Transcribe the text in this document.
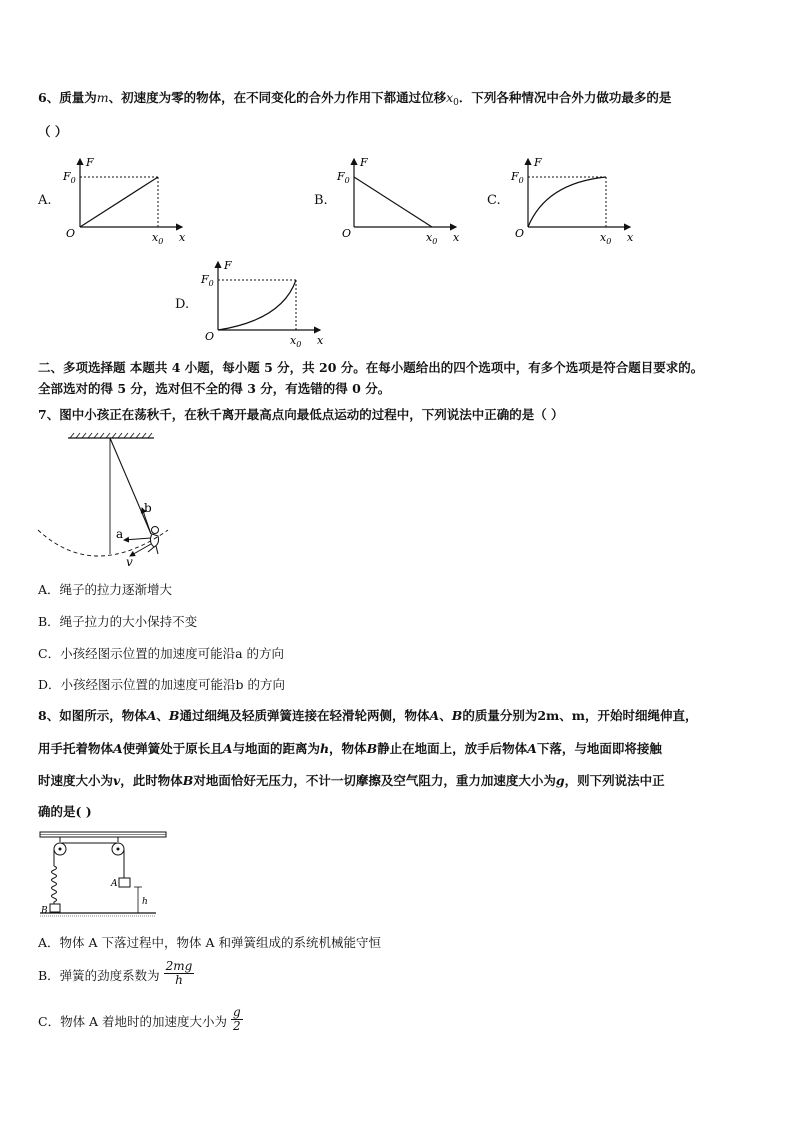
6、质量为m、初速度为零的物体，在不同变化的合外力作用下都通过位移$x_0$．下列各种情况中合外力做功最多的是
（ ）
A.	B.	C.
D.
$F_0$
F
O	$x_0$ x
$F_0$
F
O	$x_0$ x
$F_0$
F
O	$x_0$ x
$F_0$
F
O	$x_0$ x
二、多项选择题 本题共 4 小题，每小题 5 分，共 20 分。在每小题给出的四个选项中，有多个选项是符合题目要求的。
全部选对的得 5 分，选对但不全的得 3 分，有选错的得 0 分。
7、图中小孩正在荡秋千，在秋千离开最高点向最低点运动的过程中，下列说法中正确的是（ ）
b
a
v
A．绳子的拉力逐渐增大
B．绳子拉力的大小保持不变
C．小孩经图示位置的加速度可能沿a 的方向
D．小孩经图示位置的加速度可能沿b 的方向
8、如图所示，物体A、B通过细绳及轻质弹簧连接在轻滑轮两侧，物体A、B的质量分别为2m、m，开始时细绳伸直，
用手托着物体A使弹簧处于原长且A与地面的距离为h，物体B静止在地面上，放手后物体A下落，与地面即将接触
时速度大小为v，此时物体B对地面恰好无压力，不计一切摩擦及空气阻力，重力加速度大小为g，则下列说法中正
确的是( )
A
B
h
A．物体 A 下落过程中，物体 A 和弹簧组成的系统机械能守恒
B．弹簧的劲度系数为 $\frac{2mg}{h}$
C．物体 A 着地时的加速度大小为 $\frac{g}{2}$
